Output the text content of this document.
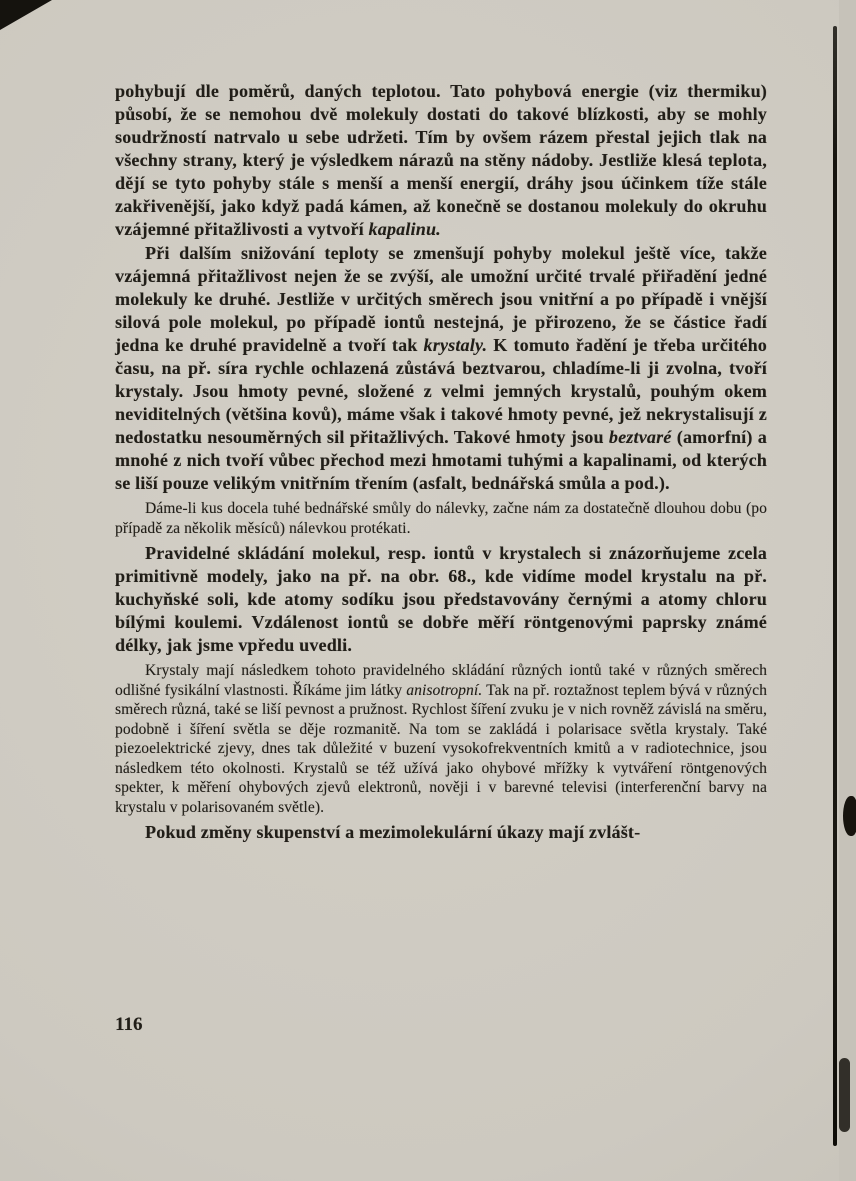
pohybují dle poměrů, daných teplotou. Tato pohybová energie (viz thermiku) působí, že se nemohou dvě molekuly dostati do takové blízkosti, aby se mohly soudržností natrvalo u sebe udržeti. Tím by ovšem rázem přestal jejich tlak na všechny strany, který je výsledkem nárazů na stěny nádoby. Jestliže klesá teplota, dějí se tyto pohyby stále s menší a menší energií, dráhy jsou účinkem tíže stále zakřivenější, jako když padá kámen, až konečně se dostanou molekuly do okruhu vzájemné přitažlivosti a vytvoří kapalinu.

Při dalším snižování teploty se zmenšují pohyby molekul ještě více, takže vzájemná přitažlivost nejen že se zvýší, ale umožní určité trvalé přiřadění jedné molekuly ke druhé. Jestliže v určitých směrech jsou vnitřní a po případě i vnější silová pole molekul, po případě iontů nestejná, je přirozeno, že se částice řadí jedna ke druhé pravidelně a tvoří tak krystaly. K tomuto řadění je třeba určitého času, na př. síra rychle ochlazená zůstává beztvarou, chladíme-li ji zvolna, tvoří krystaly. Jsou hmoty pevné, složené z velmi jemných krystalů, pouhým okem neviditelných (většina kovů), máme však i takové hmoty pevné, jež nekrystalisují z nedostatku nesouměrných sil přitažlivých. Takové hmoty jsou beztvaré (amorfní) a mnohé z nich tvoří vůbec přechod mezi hmotami tuhými a kapalinami, od kterých se liší pouze velikým vnitřním třením (asfalt, bednářská smůla a pod.).

Dáme-li kus docela tuhé bednářské smůly do nálevky, začne nám za dostatečně dlouhou dobu (po případě za několik měsíců) nálevkou protékati.

Pravidelné skládání molekul, resp. iontů v krystalech si znázorňujeme zcela primitivně modely, jako na př. na obr. 68., kde vidíme model krystalu na př. kuchyňské soli, kde atomy sodíku jsou představovány černými a atomy chloru bílými koulemi. Vzdálenost iontů se dobře měří röntgenovými paprsky známé délky, jak jsme vpředu uvedli.

Krystaly mají následkem tohoto pravidelného skládání různých iontů také v různých směrech odlišné fysikální vlastnosti. Říkáme jim látky anisotropní. Tak na př. roztažnost teplem bývá v různých směrech různá, také se liší pevnost a pružnost. Rychlost šíření zvuku je v nich rovněž závislá na směru, podobně i šíření světla se děje rozmanitě. Na tom se zakládá i polarisace světla krystaly. Také piezoelektrické zjevy, dnes tak důležité v buzení vysokofrekventních kmitů a v radiotechnice, jsou následkem této okolnosti. Krystalů se též užívá jako ohybové mřížky k vytváření röntgenových spekter, k měření ohybových zjevů elektronů, nověji i v barevné televisi (interferenční barvy na krystalu v polarisovaném světle).

Pokud změny skupenství a mezimolekulární úkazy mají zvlášt-

116
